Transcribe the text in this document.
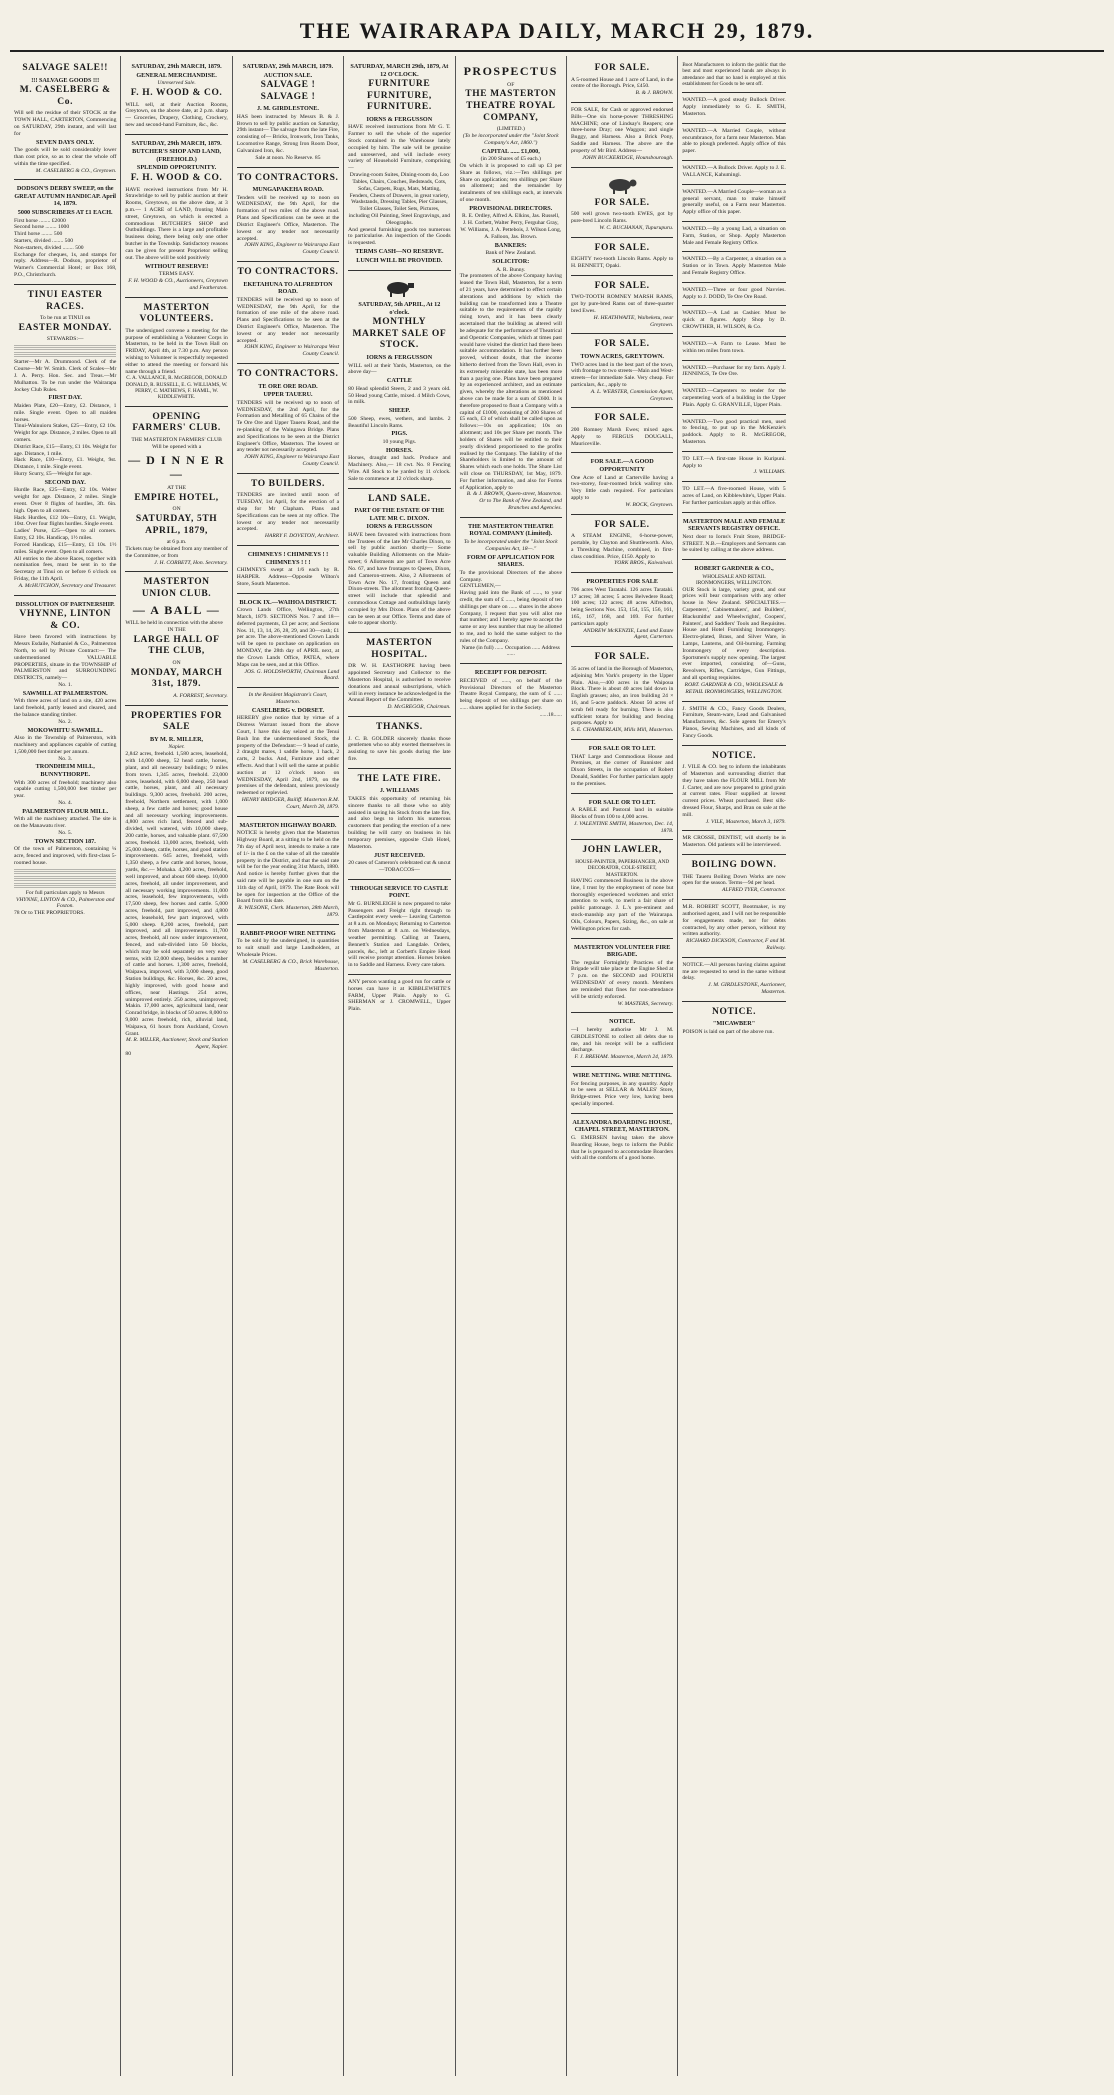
THE WAIRARAPA DAILY, MARCH 29, 1879.
SALVAGE SALE!!
!!! SALVAGE GOODS !!!
M. CASELBERG & Co.
Will sell the residue of their STOCK at the TOWN HALL, CARTERTON, Commencing on SATURDAY, 29th instant, and will last for
SEVEN DAYS ONLY.
The goods will be sold considerably lower than cost price, so as to clear the whole off within the time specified.
M. CASELBERG & CO., Greytown.
DODSON'S DERBY SWEEP, on the GREAT AUTUMN HANDICAP. April 14, 1879.
5000 SUBSCRIBERS AT £1 EACH.
First horse ........ £2000
Second horse ........ 1000
Third horse ........ 500
Starters, divided ........ 500
Non-starters, divided ........ 500
Exchange for cheques, 1s, and stamps for reply. Address—R. Dodson, proprietor of Warner's Commercial Hotel; or Box 168, P.O., Christchurch.
TINUI EASTER RACES.
To be run at TINUI on
EASTER MONDAY.
STEWARDS:—
Starter—Mr A. Drummond. Clerk of the Course—Mr W. Smith. Clerk of Scales—Mr J. A. Perry. Hon. Sec. and Treas.—Mr Mulhatton. To be run under the Wairarapa Jockey Club Rules.
FIRST DAY.
Maiden Plate, £20—Entry, £2. Distance, 1 mile. Single event. Open to all maiden horses.
Tinui-Wainuioru Stakes, £25—Entry, £2 10s. Weight for age. Distance, 2 miles. Open to all comers.
District Race, £15—Entry, £1 10s. Weight for age. Distance, 1 mile.
Hack Race, £10—Entry, £1. Weight, 9st. Distance, 1 mile. Single event.
Hurry Scurry, £5—Weight for age.
SECOND DAY.
Hurdle Race, £25—Entry, £2 10s. Welter weight for age. Distance, 2 miles. Single event. Over 8 flights of hurdles, 3ft. 6in. high. Open to all comers.
Hack Hurdles, £12 10s—Entry, £1. Weight, 10st. Over four flights hurdles. Single event.
Ladies' Purse, £25—Open to all comers. Entry, £2 10s. Handicap, 1½ miles.
Forced Handicap, £15—Entry, £1 10s. 1½ miles. Single event. Open to all comers.
All entries to the above Races, together with nomination fees, must be sent in to the Secretary at Tinui on or before 6 o'clock on Friday, the 11th April.
A. McHUTCHON, Secretary and Treasurer.
DISSOLUTION OF PARTNERSHIP.
VHYNNE, LINTON & CO.
Have been favored with instructions by Messrs Esdaile, Nathaniel & Co., Palmerston North, to sell by Private Contract:— The undermentioned VALUABLE PROPERTIES, situate in the TOWNSHIP of PALMERSTON and SURROUNDING DISTRICTS, namely—
No. 1.
SAWMILL AT PALMERSTON.
With three acres of land on a site, 420 acres land freehold, partly leased and cleared, and the balance standing timber.
No. 2.
MOKOWHITU SAWMILL.
Also in the Township of Palmerston, with machinery and appliances capable of cutting 1,500,000 feet timber per annum.
No. 3.
TRONDHEIM MILL, BUNNYTHORPE.
With 300 acres of freehold; machinery also capable cutting 1,500,000 feet timber per year.
No. 4.
PALMERSTON FLOUR MILL.
With all the machinery attached. The site is on the Manawatu river.
No. 5.
TOWN SECTION 187.
Of the town of Palmerston, containing ¼ acre, fenced and improved, with first-class 5-roomed house.
For full particulars apply to Messrs
VHYNNE, LINTON & CO., Palmerston and Foxton.
78 Or to THE PROPRIETORS.
SATURDAY, 29th MARCH, 1879.
GENERAL MERCHANDISE.
Unreserved Sale.
F. H. WOOD & CO.
WILL sell, at their Auction Rooms, Greytown, on the above date, at 2 p.m. sharp— Groceries, Drapery, Clothing, Crockery, new and second-hand Furniture, &c., &c.
SATURDAY, 29th MARCH, 1879.
BUTCHER'S SHOP AND LAND, (FREEHOLD.)
SPLENDID OPPORTUNITY.
F. H. WOOD & CO.
HAVE received instructions from Mr H. Strawbridge to sell by public auction at their Rooms, Greytown, on the above date, at 3 p.m.— 1 ACRE of LAND, fronting Main street, Greytown, on which is erected a commodious BUTCHER'S SHOP and Outbuildings. There is a large and profitable business doing, there being only one other butcher in the Township. Satisfactory reasons can be given for present Proprietor selling out. The above will be sold positively
WITHOUT RESERVE!
TERMS EASY.
F. H. WOOD & CO., Auctioneers, Greytown and Featherston.
MASTERTON VOLUNTEERS.
The undersigned convene a meeting for the purpose of establishing a Volunteer Corps in Masterton, to be held in the Town Hall on FRIDAY, April 4th, at 7.30 p.m. Any person wishing to Volunteer is respectfully requested either to attend the meeting or forward his name through a friend.
C. A. VALLANCE, R. McGREGOR, DONALD DONALD, R. RUSSELL, E. G. WILLIAMS, W. PERRY, C. MATHEWS, F. HAMIL, W. KIDDLEWHITE.
OPENING FARMERS' CLUB.
THE MASTERTON FARMERS' CLUB
Will be opened with a
— D I N N E R —
AT THE
EMPIRE HOTEL,
ON
SATURDAY, 5TH APRIL, 1879,
at 6 p.m.
Tickets may be obtained from any member of the Committee, or from
J. H. CORBETT, Hon. Secretary.
MASTERTON UNION CLUB.
— A BALL —
WILL be held in connection with the above
IN THE
LARGE HALL OF THE CLUB,
ON
MONDAY, MARCH 31st, 1879.
A. FORREST, Secretary.
PROPERTIES FOR SALE
BY M. R. MILLER,
Napier.
2,842 acres, freehold. 1,580 acres, leasehold, with 14,000 sheep, 52 head cattle, horses, plant, and all necessary buildings; 9 miles from town. 1,345 acres, freehold. 23,000 acres, leasehold, with 6,000 sheep, 250 head cattle, horses, plant, and all necessary buildings. 9,300 acres, freehold. 200 acres, freehold, Northern settlement, with 1,000 sheep, a few cattle and horses; good house and all necessary working improvements. 4,800 acres rich land, fenced and sub-divided, well watered, with 10,000 sheep, 200 cattle, horses, and valuable plant. 67,590 acres, freehold. 13,000 acres, freehold, with 25,000 sheep, cattle, horses, and good station improvements. 645 acres, freehold, with 1,350 sheep, a few cattle and horses, house, yards, &c.— Mohaka. 4,200 acres, freehold, well improved, and about 600 sheep. 10,000 acres, freehold, all under improvement, and all necessary working improvements. 11,000 acres, leasehold, few improvements, with 17,500 sheep, few horses and cattle. 5,000 acres, freehold, part improved, and 4,800 acres, leasehold, few part improved, with 5,000 sheep. 8,200 acres, freehold, part improved, and all improvements. 11,700 acres, freehold, all now under improvement, fenced, and sub-divided into 50 blocks, which may be sold separately on very easy terms, with 12,000 sheep, besides a number of cattle and horses. 1,300 acres, freehold, Waipawa, improved, with 3,000 sheep, good Station buildings, &c. Horses, &c. 20 acres, highly improved, with good house and offices, near Hastings. 254 acres, unimproved entirely. 250 acres, unimproved; Makin. 17,000 acres, agricultural land, near Conrad bridge, in blocks of 50 acres. 8,000 to 9,000 acres freehold, rich, alluvial land, Waipawa, 61 hours from Auckland, Crown Grant.
M. R. MILLER, Auctioneer, Stock and Station Agent, Napier.
80
SATURDAY, 29th MARCH, 1879.
AUCTION SALE.
SALVAGE ! SALVAGE !
J. M. GIRDLESTONE.
HAS been instructed by Messrs B. & J. Brown to sell by public auction on Saturday, 29th instant— The salvage from the late Fire, consisting of— Bricks, Ironwork, Iron Tanks, Locomotive Range, Strong Iron Room Door, Galvanized Iron, &c.
Sale at noon. No Reserve. 85
TO CONTRACTORS.
MUNGAPAKEHA ROAD.
Tenders will be received up to noon on WEDNESDAY, the 9th April, for the formation of two miles of the above road. Plans and Specifications can be seen at the District Engineer's Office, Masterton. The lowest or any tender not necessarily accepted.
JOHN KING, Engineer to Wairarapa East County Council.
TO CONTRACTORS.
EKETAHUNA TO ALFREDTON ROAD.
TENDERS will be received up to noon of WEDNESDAY, the 9th April, for the formation of one mile of the above road. Plans and Specifications to be seen at the District Engineer's Office, Masterton. The lowest or any tender not necessarily accepted.
JOHN KING, Engineer to Wairarapa West County Council.
TO CONTRACTORS.
TE ORE ORE ROAD.
UPPER TAUERU.
TENDERS will be received up to noon of WEDNESDAY, the 2nd April, for the Formation and Metalling of 65 Chains of the Te Ore Ore and Upper Taueru Road, and the re-planking of the Waingawa Bridge. Plans and Specifications to be seen at the District Engineer's Office, Masterton. The lowest or any tender not necessarily accepted.
JOHN KING, Engineer to Wairarapa East County Council.
TO BUILDERS.
TENDERS are invited until noon of TUESDAY, 1st April, for the erection of a shop for Mr Clapham. Plans and Specifications can be seen at my office. The lowest or any tender not necessarily accepted.
HARRY F. DOVETON, Architect.
CHIMNEYS ! CHIMNEYS ! ! CHIMNEYS ! ! !
CHIMNEYS swept at 1/6 each by R. HARPER. Address—Opposite Wilton's Store, South Masterton.
BLOCK IX.—WAIHOA DISTRICT.
Crown Lands Office, Wellington, 27th March, 1879. SECTIONS Nos. 7 and 18—deferred payments, £3 per acre; and Sections Nos. 11, 13, 14, 26, 28, 29, and 30—cash; £1 per acre. The above-mentioned Crown Lands will be open to purchase on application on MONDAY, the 28th day of APRIL next, at the Crown Lands Office, PATEA, where Maps can be seen, and at this Office.
JOS. G. HOLDSWORTH, Chairman Land Board.
In the Resident Magistrate's Court, Masterton.
CASELBERG v. DORSET.
HEREBY give notice that by virtue of a Distress Warrant issued from the above Court, I have this day seized at the Tenui Bush Inn the undermentioned Stock, the property of the Defendant:— 9 head of cattle, 2 draught mares, 1 saddle horse, 1 hack, 2 carts, 2 bucks. And, Furniture and other effects. And that I will sell the same at public auction at 12 o'clock noon on WEDNESDAY, April 2nd, 1879, on the premises of the defendant, unless previously redeemed or replevied.
HENRY BRIDGER, Bailiff. Masterton R.M. Court, March 28, 1879.
MASTERTON HIGHWAY BOARD.
NOTICE is hereby given that the Masterton Highway Board, at a sitting to be held on the 7th day of April next, intends to make a rate of 1/- in the £ on the value of all the rateable property in the District, and that the said rate will be for the year ending 31st March, 1880. And notice is hereby further given that the said rate will be payable in one sum on the 11th day of April, 1879. The Rate Book will be open for inspection at the Office of the Board from this date.
R. WILSONE, Clerk. Masterton, 28th March, 1879.
RABBIT-PROOF WIRE NETTING
To be sold by the undersigned, in quantities to suit small and large Landholders, at Wholesale Prices.
M. CASELBERG & CO., Brick Warehouse, Masterton.
SATURDAY, MARCH 29th, 1879, At 12 O'CLOCK.
FURNITURE FURNITURE, FURNITURE.
IORNS & FERGUSSON
HAVE received instructions from Mr G. T. Farmer to sell the whole of the superior Stock contained in the Warehouse lately occupied by him. The sale will be genuine and unreserved, and will include every variety of Household Furniture, comprising—
Drawing-room Suites, Dining-room do, Loo Tables, Chairs, Couches, Bedsteads, Cots, Sofas, Carpets, Rugs, Mats, Matting, Fenders, Chests of Drawers, in great variety, Washstands, Dressing Tables, Pier Glasses, Toilet Glasses, Toilet Sets, Pictures, including Oil Painting, Steel Engravings, and Oleographs.
And general furnishing goods too numerous to particularise. An inspection of the Goods is requested.
TERMS CASH—NO RESERVE.
LUNCH WILL BE PROVIDED.
SATURDAY, 5th APRIL, At 12 o'clock.
MONTHLY MARKET SALE OF STOCK.
IORNS & FERGUSSON
WILL sell at their Yards, Masterton, on the above day—
CATTLE
80 Head splendid Steers, 2 and 3 years old. 50 Head young Cattle, mixed. 4 Milch Cows, in milk.
SHEEP.
500 Sheep, ewes, wethers, and lambs. 2 Beautiful Lincoln Rams.
PIGS.
10 young Pigs.
HORSES.
Horses, draught and hack. Produce and Machinery. Also,— 18 cwt. No. 8 Fencing Wire. All Stock to be yarded by 11 o'clock. Sale to commence at 12 o'clock sharp.
LAND SALE.
PART OF THE ESTATE OF THE LATE MR C. DIXON.
IORNS & FERGUSSON
HAVE been favoured with instructions from the Trustees of the late Mr Charles Dixon, to sell by public auction shortly— Some valuable Building Allotments on the Main-street; 6 Allotments are part of Town Acre No. 67, and have frontages to Queen, Dixon, and Cameron-streets. Also, 2 Allotments of Town Acre No. 17, fronting Queen and Dixon-streets. The allotment fronting Queen-street will include that splendid and commodious Cottage and outbuildings lately occupied by Mrs Dixon. Plans of the above can be seen at our Office. Terms and date of sale to appear shortly.
MASTERTON HOSPITAL.
DR W. H. EASTHORPE having been appointed Secretary and Collector to the Masterton Hospital, is authorised to receive donations and annual subscriptions, which will in every instance be acknowledged in the Annual Report of the Committee.
D. McGREGOR, Chairman.
THANKS.
J. C. B. GOLDER sincerely thanks those gentlemen who so ably exerted themselves in assisting to save his goods during the late fire.
THE LATE FIRE.
J. WILLIAMS
TAKES this opportunity of returning his sincere thanks to all those who so ably assisted in saving his Stock from the late fire, and also begs to inform his numerous customers that pending the erection of a new building he will carry on business in his temporary premises, opposite Club Hotel, Masterton.
JUST RECEIVED.
20 cases of Cameron's celebrated cut & uncut —TOBACCOS—
THROUGH SERVICE TO CASTLE POINT.
Mr G. BURNLEIGH is now prepared to take Passengers and Freight right through to Castlepoint every week— Leaving Carterton at 8 a.m. on Mondays; Returning to Carterton from Masterton at 8 a.m. on Wednesdays, weather permitting. Calling at Taueru, Bennett's Station and Langdale. Orders, parcels, &c., left at Corbett's Empire Hotel will receive prompt attention. Horses broken in to Saddle and Harness. Every care taken.
ANY person wanting a good run for cattle or horses can have it at KIBBLEWHITE'S FARM, Upper Plain. Apply to G. SHERMAN or J. CROMWELL, Upper Plain.
PROSPECTUS
OF
THE MASTERTON THEATRE ROYAL COMPANY,
(LIMITED.)
(To be incorporated under the "Joint Stock Company's Act, 1860.")
CAPITAL ...... £1,000,
(in 200 Shares of £5 each.)
On which it is proposed to call up £3 per Share as follows, viz.:—Ten shillings per Share on application; ten shillings per Share on allotment; and the remainder by instalments of ten shillings each, at intervals of one month.
PROVISIONAL DIRECTORS.
R. E. Ordley, Alfred A. Elkins, Jas. Russell, J. H. Corbett, Walter Perry, Ferguhar Gray, W. Williams, J. A. Pettebois, J. Wilson Long, A. Falloon, Jas. Brown.
BANKERS:
Bank of New Zealand.
SOLICITOR:
A. R. Bunny.
The promoters of the above Company having leased the Town Hall, Masterton, for a term of 21 years, have determined to effect certain alterations and additions by which the building can be transformed into a Theatre suitable to the requirements of the rapidly rising town, and it has been clearly ascertained that the building as altered will be adequate for the performance of Theatrical and Operatic Companies, which at times past would have visited the district had there been suitable accommodation. It has further been proved, without doubt, that the income hitherto derived from the Town Hall, even in its extremely miserable state, has been more than a paying one. Plans have been prepared by an experienced architect, and an estimate given, whereby the alterations as mentioned above can be made for a sum of £600. It is therefore proposed to float a Company with a capital of £1000, consisting of 200 Shares of £5 each, £3 of which shall be called upon as follows:—10s on application; 10s on allotment; and 10s per Share per month. The holders of Shares will be entitled to their yearly dividend proportioned to the profits realised by the Company. The liability of the Shareholders is limited to the amount of Shares which each one holds. The Share List will close on THURSDAY, 1st May, 1879. For further information, and also for Forms of Application, apply to
B. & J. BROWN, Queen-street, Masterton.
Or to The Bank of New Zealand, and Branches and Agencies.
THE MASTERTON THEATRE ROYAL COMPANY (Limited).
To be incorporated under the "Joint Stock Companies Act, 18—."
FORM OF APPLICATION FOR SHARES.
To the provisional Directors of the above Company.
GENTLEMEN,—
Having paid into the Bank of ......, to your credit, the sum of £ ......, being deposit of ten shillings per share on ...... shares in the above Company, I request that you will allot me that number; and I hereby agree to accept the same or any less number that may be allotted to me, and to hold the same subject to the rules of the Company.
Name (in full) ...... Occupation ...... Address ......
RECEIPT FOR DEPOSIT.
RECEIVED of ......, on behalf of the Provisional Directors of the Masterton Theatre Royal Company, the sum of £ ...... being deposit of ten shillings per share on ...... shares applied for in the Society.
......18......
FOR SALE.
A 5-roomed House and 1 acre of Land, in the centre of the Borough. Price, £450.
B. & J. BROWN.
FOR SALE, for Cash or approved endorsed Bills—One six horse-power THRESHING MACHINE; one of Lindsay's Reapers; one three-horse Dray; one Waggon; and single Buggy, and Harness. Also a Brick Pony, Saddle and Harness. The above are the property of Mr Bird. Address—
JOHN BUCKERIDGE, Hounsbourough.
FOR SALE.
500 well grown two-tooth EWES, got by pure-bred Lincoln Rams.
W. C. BUCHANAN, Tupurupuru.
FOR SALE.
EIGHTY two-tooth Lincoln Rams. Apply to H. BENNETT, Opaki.
FOR SALE.
TWO-TOOTH ROMNEY MARSH RAMS, got by pure-bred Rams out of three-quarter bred Ewes.
H. HEATHWAITE, Waiheketu, near Greytown.
FOR SALE.
TOWN ACRES, GREYTOWN.
TWO acres land in the best part of the town, with frontage to two streets—Main and West-streets—for immediate Sale. Very cheap. For particulars, &c., apply to
A. L. WEBSTER, Commission Agent, Greytown.
FOR SALE.
200 Romney Marsh Ewes; mixed ages. Apply to FERGUS DOUGALL, Mauriceville.
FOR SALE.—A GOOD OPPORTUNITY
One Acre of Land at Carterville having a two-storey, four-roomed brick wallroy site. Very little cash required. For particulars apply to
W. BOCK, Greytown.
FOR SALE.
A STEAM ENGINE, 6-horse-power, portable, by Clayton and Shuttleworth. Also, a Threshing Machine, combined, in first-class condition. Price, £150. Apply to
YORK BROS., Kaiwaiwai.
PROPERTIES FOR SALE
706 acres West Taratahi. 126 acres Taratahi. 17 acres; 38 acres; 5 acres Belvedere Road; 100 acres; 122 acres; 48 acres Alfredton, being Sections Nos. 153, 154, 155, 156, 161, 165, 167, 168, and 169. For further particulars apply
ANDREW McKENZIE, Land and Estate Agent, Carterton.
FOR SALE.
35 acres of land in the Borough of Masterton, adjoining Mrs Vark's property in the Upper Plain. Also,—400 acres in the Waipoua Block. There is about 40 acres laid down in English grasses; also, an iron building 24 × 16, and 5-acre paddock. About 50 acres of scrub fell ready for burning. There is also sufficient totara for building and fencing purposes. Apply to
S. E. CHAMBERLAIN, Mills Mill, Masterton.
FOR SALE OR TO LET.
THAT Large and Commodious House and Premises, at the corner of Bannister and Dixon Streets, in the occupation of Robert Donald, Saddler. For further particulars apply to the premises.
FOR SALE OR TO LET.
A RABLE and Pastoral land in suitable Blocks of from 100 to 4,000 acres.
J. VALENTINE SMITH, Masterton, Dec. 14, 1878.
JOHN LAWLER,
HOUSE-PAINTER, PAPERHANGER, AND DECORATOR, COLE-STREET, MASTERTON.
HAVING commenced Business in the above line, I trust by the employment of none but thoroughly experienced workmen and strict attention to work, to merit a fair share of public patronage. J. L.'s pre-eminent and stock-manship any part of the Wairarapa. Oils, Colours, Papers, Sizing, &c., on sale at Wellington prices for cash.
MASTERTON VOLUNTEER FIRE BRIGADE.
The regular Fortnightly Practices of the Brigade will take place at the Engine Shed at 7 p.m. on the SECOND and FOURTH WEDNESDAY of every month. Members are reminded that fines for non-attendance will be strictly enforced.
W. MASTERS, Secretary.
NOTICE.
—I hereby authorise Mr J. M. GIRDLESTONE to collect all debts due to me, and his receipt will be a sufficient discharge.
F. J. BREHAM. Masterton, March 24, 1879.
WIRE NETTING. WIRE NETTING.
For fencing purposes, in any quantity. Apply to be seen at SELLAR & MALES' Store, Bridge-street. Price very low, having been specially imported.
ALEXANDRA BOARDING HOUSE, CHAPEL STREET, MASTERTON.
G. EMERSEN having taken the above Boarding House, begs to inform the Public that he is prepared to accommodate Boarders with all the comforts of a good home.
Boot Manufacturers to inform the public that the best and most experienced hands are always in attendance and that no hand is employed at this establishment for Goods to be sent off.
WANTED.—A good steady Bullock Driver. Apply immediately to G. E. SMITH, Masterton.
WANTED.—A Married Couple, without encumbrance, for a farm near Masterton. Man able to plough preferred. Apply office of this paper.
WANTED.—A Bullock Driver. Apply to J. E. VALLANCE, Kahumingi.
WANTED.—A Married Couple—woman as a general servant, man to make himself generally useful, on a Farm near Masterton. Apply office of this paper.
WANTED.—By a young Lad, a situation on Farm, Station, or Shop. Apply Masterton Male and Female Registry Office.
WANTED.—By a Carpenter, a situation on a Station or in Town. Apply Masterton Male and Female Registry Office.
WANTED.—Three or four good Navvies. Apply to J. DODD, Te Ore Ore Road.
WANTED.—A Lad as Cashier. Must be quick at figures. Apply Shop by D. CROWTHER, H. WILSON, & Co.
WANTED.—A Farm to Lease. Must be within ten miles from town.
WANTED.—Purchaser for my farm. Apply J. JENNINGS, Te Ore Ore.
WANTED.—Carpenters to tender for the carpentering work of a building in the Upper Plain. Apply G. GRANVILLE, Upper Plain.
WANTED.—Two good practical men, used to fencing, to put up in the McKenzie's paddock. Apply to R. McGREGOR, Masterton.
TO LET.—A first-rate House in Kuripuni. Apply to
J. WILLIAMS.
TO LET.—A five-roomed House, with 5 acres of Land, on Kibblewhite's, Upper Plain. For further particulars apply at this office.
MASTERTON MALE AND FEMALE SERVANTS REGISTRY OFFICE.
Next door to Iorns's Fruit Store, BRIDGE-STREET. N.B.—Employers and Servants can be suited by calling at the above address.
ROBERT GARDNER & CO.,
WHOLESALE AND RETAIL IRONMONGERS, WELLINGTON.
OUR Stock is large, variety great, and our prices will bear comparison with any other house in New Zealand. SPECIALTIES.—Carpenters', Cabinetmakers', and Builders', Blacksmiths' and Wheelwrights', Coopers', Painters', and Saddlers' Tools and Requisites. House and Hotel Furnishing Ironmongery. Electro-plated, Brass, and Silver Ware, in Lamps, Lanterns, and Oil-burning. Farming Ironmongery of every description. Sportsmen's supply now opening. The largest ever imported, consisting of—Guns, Revolvers, Rifles, Cartridges, Gun Fittings, and all sporting requisites.
ROBT. GARDNER & CO., WHOLESALE & RETAIL IRONMONGERS, WELLINGTON.
J. SMITH & CO., Fancy Goods Dealers, Furniture, Steam-ware, Lead and Galvanised Manufacturers, &c. Sole agents for Emery's Pianos, Sewing Machines, and all kinds of Fancy Goods.
NOTICE.
J. VILE & CO. beg to inform the inhabitants of Masterton and surrounding district that they have taken the FLOUR MILL from Mr J. Carter, and are now prepared to grind grain at current rates. Flour supplied at lowest current prices. Wheat purchased. Best silk-dressed Flour, Sharps, and Bran on sale at the mill.
J. VILE, Masterton, March 3, 1879.
MR CROSSE, DENTIST, will shortly be in Masterton. Old patients will be interviewed.
BOILING DOWN.
THE Taueru Boiling Down Works are now open for the season. Terms—9d per head.
ALFRED TYER, Contractor.
M.R. ROBERT SCOTT, Bootmaker, is my authorised agent, and I will not be responsible for engagements made, nor for debts contracted, by any other person, without my written authority.
RICHARD DICKSON, Contractor, F and M. Railway.
NOTICE.—All persons having claims against me are requested to send in the same without delay.
J. M. GIRDLESTONE, Auctioneer, Masterton.
NOTICE.
"MICAWBER"
POISON is laid on part of the above run.
